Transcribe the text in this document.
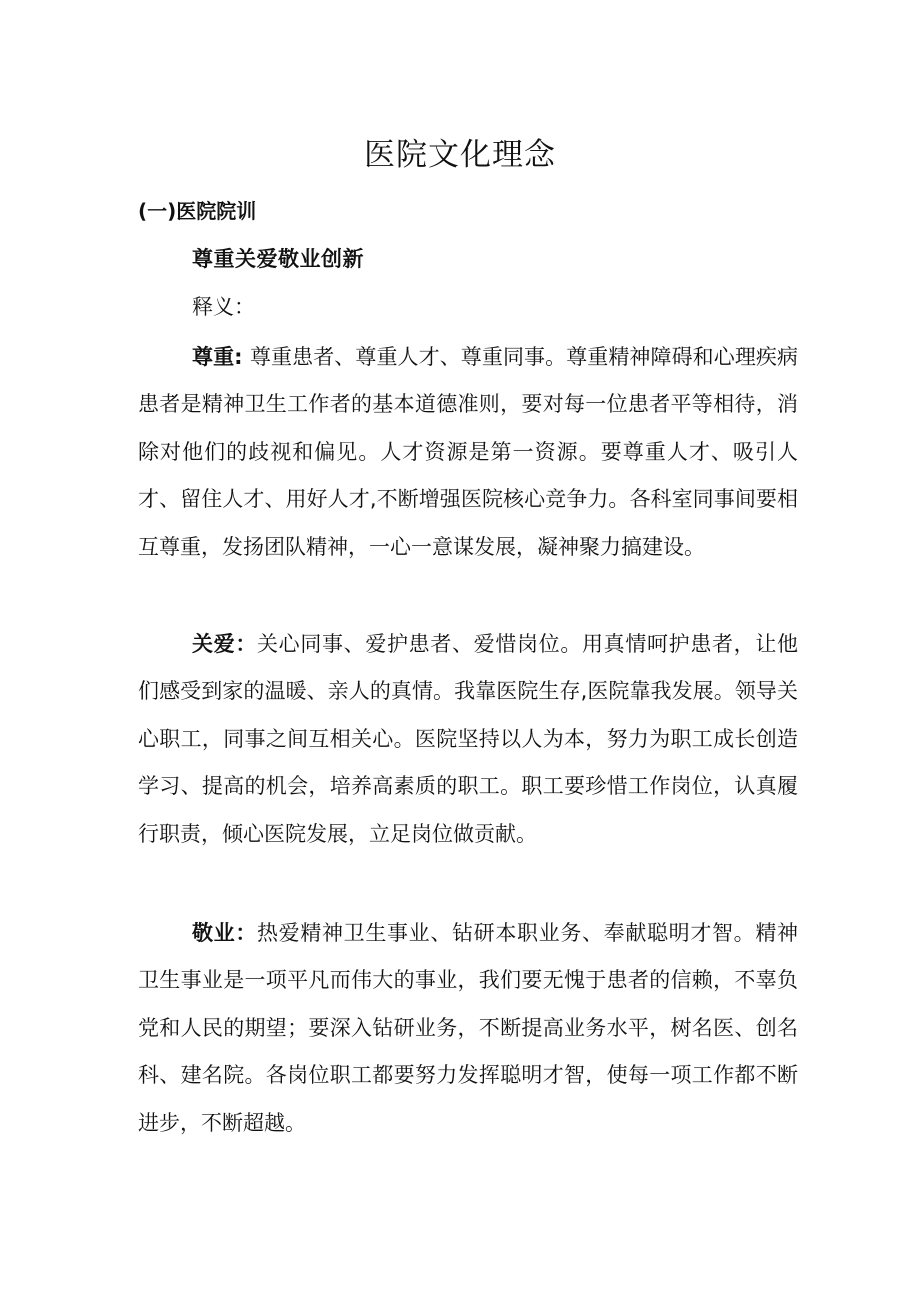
医院文化理念
(一)医院院训

尊重关爱敬业创新

释义：

尊重: 尊重患者、尊重人才、尊重同事。尊重精神障碍和心理疾病患者是精神卫生工作者的基本道德准则，要对每一位患者平等相待，消除对他们的歧视和偏见。人才资源是第一资源。要尊重人才、吸引人才、留住人才、用好人才,不断增强医院核心竞争力。各科室同事间要相互尊重，发扬团队精神，一心一意谋发展，凝神聚力搞建设。

关爱：关心同事、爱护患者、爱惜岗位。用真情呵护患者，让他们感受到家的温暖、亲人的真情。我靠医院生存,医院靠我发展。领导关心职工，同事之间互相关心。医院坚持以人为本，努力为职工成长创造学习、提高的机会，培养高素质的职工。职工要珍惜工作岗位，认真履行职责，倾心医院发展，立足岗位做贡献。

敬业：热爱精神卫生事业、钻研本职业务、奉献聪明才智。精神卫生事业是一项平凡而伟大的事业，我们要无愧于患者的信赖，不辜负党和人民的期望；要深入钻研业务，不断提高业务水平，树名医、创名科、建名院。各岗位职工都要努力发挥聪明才智，使每一项工作都不断进步，不断超越。
